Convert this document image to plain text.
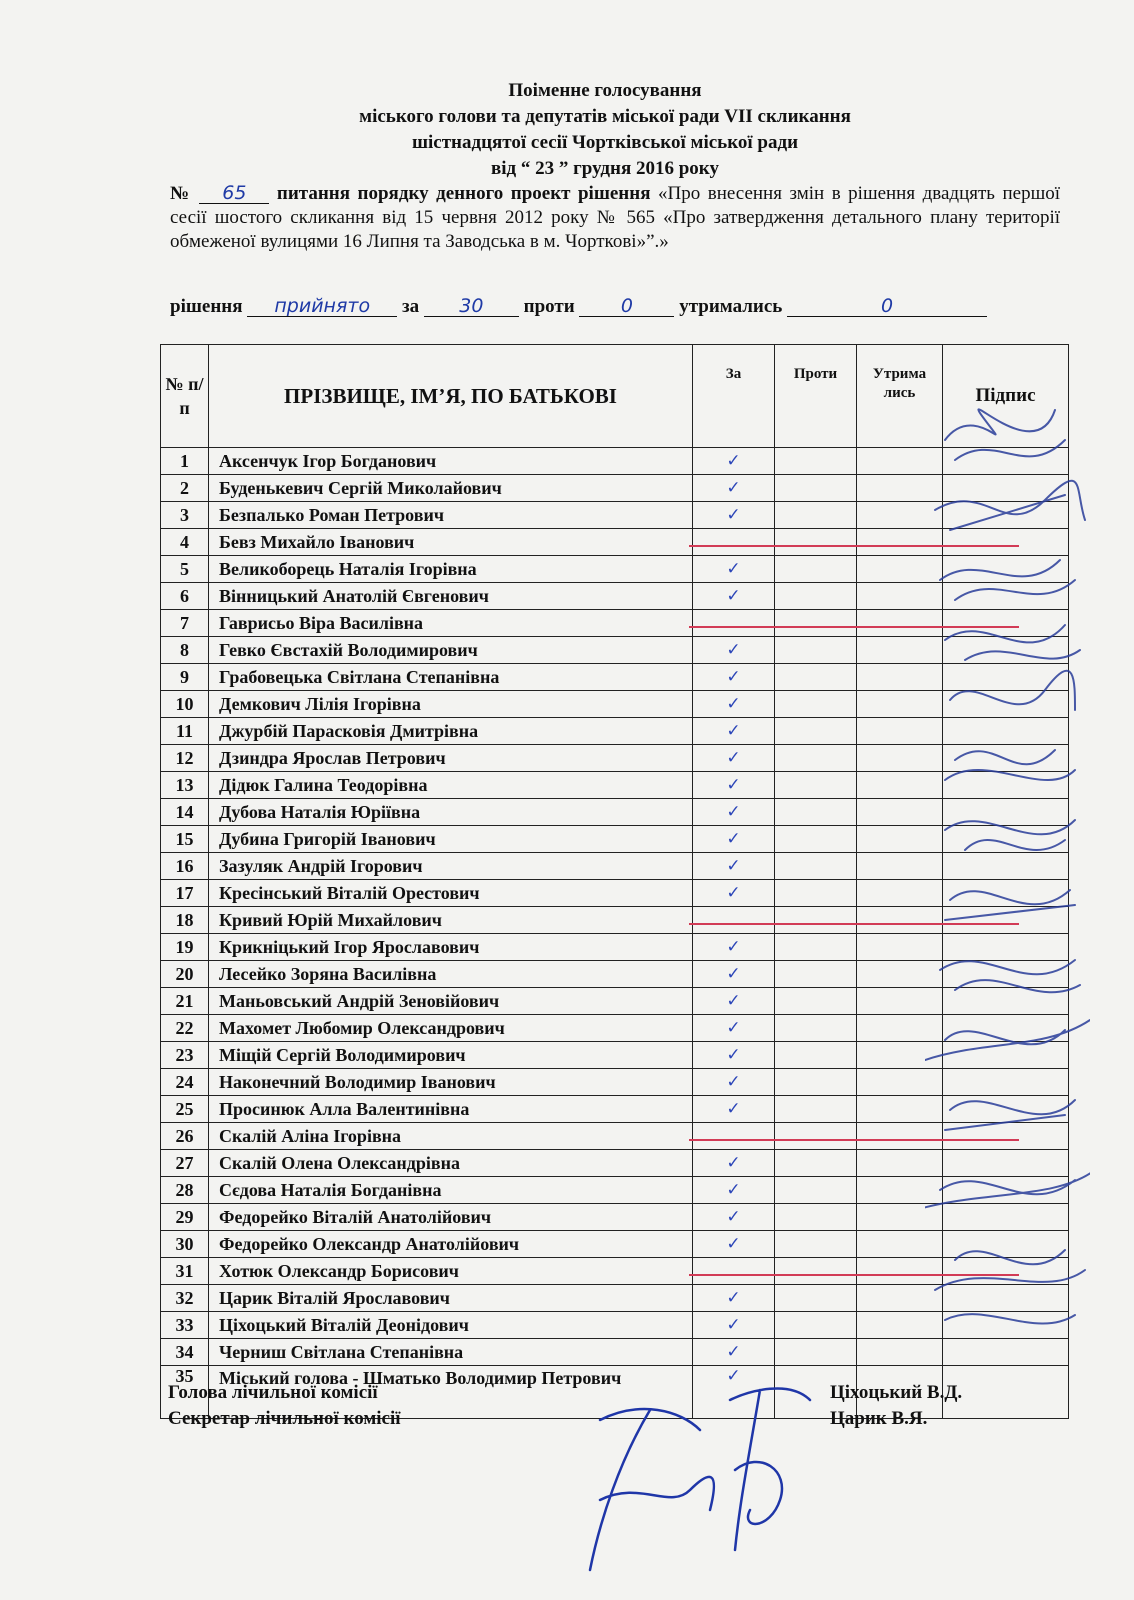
Поіменне голосування
міського голови та депутатів міської ради VII скликання
шістнадцятої сесії Чортківської міської ради
від “ 23 ” грудня 2016 року
№ 65 питання порядку денного проект рішення «Про внесення змін в рішення двадцять першої сесії шостого скликання від 15 червня 2012 року № 565 «Про затвердження детального плану території обмеженої вулицями 16 Липня та Заводська в м. Чорткові»”.»
рішення прийнято за 30 проти 0 утримались	0
№ п/п	ПРІЗВИЩЕ, ІМ’Я, ПО БАТЬКОВІ	За	Проти	Утрима лись	Підпис
1	Аксенчук Ігор Богданович	✓			
2	Буденькевич Сергій Миколайович	✓			
3	Безпалько Роман Петрович	✓			
4	Бевз Михайло Іванович	

5	Великоборець Наталія Ігорівна	✓			
6	Вінницький Анатолій Євгенович	✓			
7	Гаврисьо Віра Василівна	

8	Гевко Євстахій Володимирович	✓			
9	Грабовецька Світлана Степанівна	✓			
10	Демкович Лілія Ігорівна	✓			
11	Джурбій Парасковія Дмитрівна	✓			
12	Дзиндра Ярослав Петрович	✓			
13	Дідюк Галина Теодорівна	✓			
14	Дубова Наталія Юріївна	✓			
15	Дубина Григорій Іванович	✓			
16	Зазуляк Андрій Ігорович	✓			
17	Кресінський Віталій Орестович	✓			
18	Кривий Юрій Михайлович	

19	Крикніцький Ігор Ярославович	✓			
20	Лесейко Зоряна Василівна	✓			
21	Маньовський Андрій Зеновійович	✓			
22	Махомет Любомир Олександрович	✓			
23	Міщій Сергій Володимирович	✓			
24	Наконечний Володимир Іванович	✓			
25	Просинюк Алла Валентинівна	✓			
26	Скалій Аліна Ігорівна	

27	Скалій Олена Олександрівна	✓			
28	Сєдова Наталія Богданівна	✓			
29	Федорейко Віталій Анатолійович	✓			
30	Федорейко Олександр Анатолійович	✓			
31	Хотюк Олександр Борисович	

32	Царик Віталій Ярославович	✓			
33	Ціхоцький Віталій Деонідович	✓			
34	Черниш Світлана Степанівна	✓			
35	Міський голова - Шматько Володимир Петрович	✓			
Голова лічильної комісії
Секретар лічильної комісії
Ціхоцький В.Д.
Царик В.Я.
